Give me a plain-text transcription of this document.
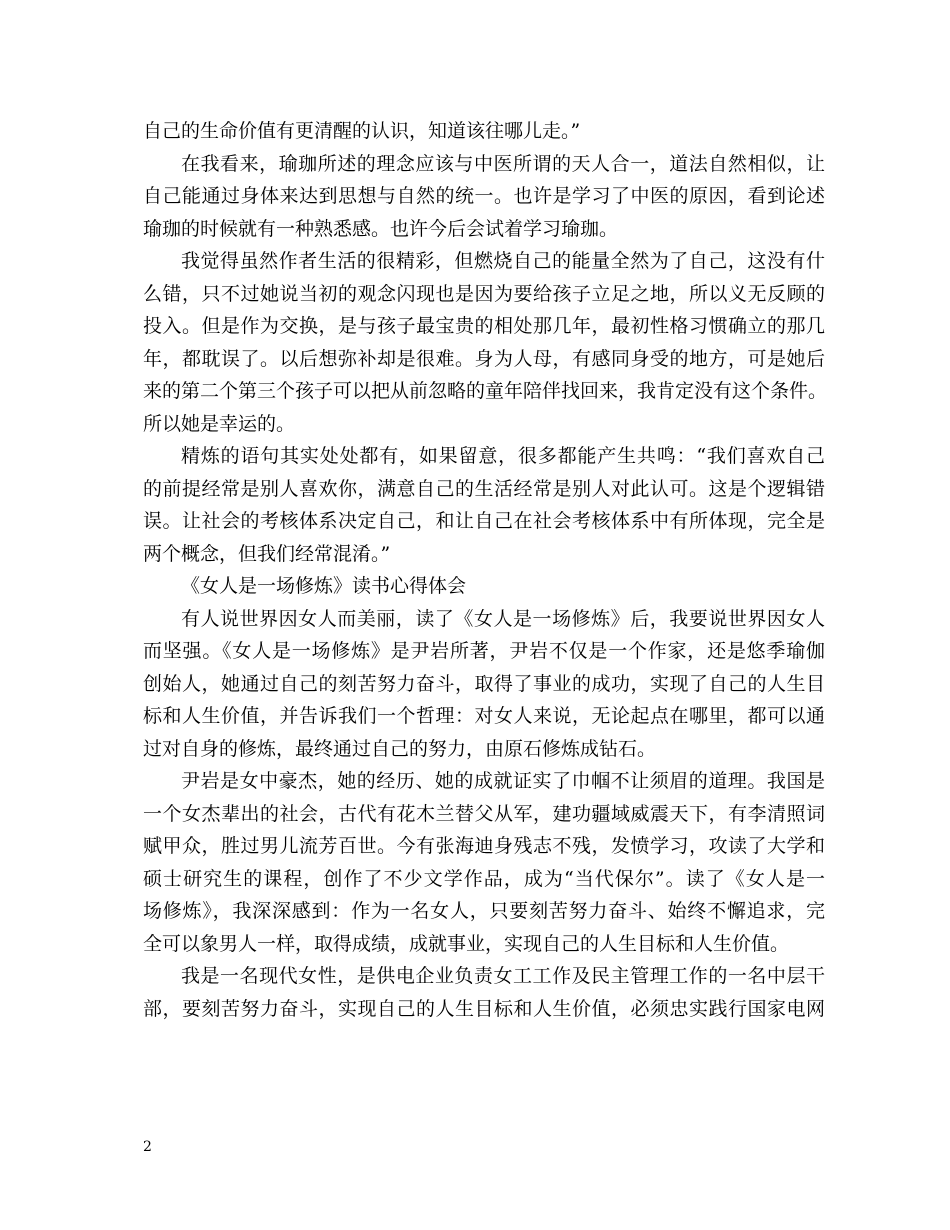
自己的生命价值有更清醒的认识，知道该往哪儿走。”
在我看来，瑜珈所述的理念应该与中医所谓的天人合一，道法自然相似，让
自己能通过身体来达到思想与自然的统一。也许是学习了中医的原因，看到论述
瑜珈的时候就有一种熟悉感。也许今后会试着学习瑜珈。
我觉得虽然作者生活的很精彩，但燃烧自己的能量全然为了自己，这没有什
么错，只不过她说当初的观念闪现也是因为要给孩子立足之地，所以义无反顾的
投入。但是作为交换，是与孩子最宝贵的相处那几年，最初性格习惯确立的那几
年，都耽误了。以后想弥补却是很难。身为人母，有感同身受的地方，可是她后
来的第二个第三个孩子可以把从前忽略的童年陪伴找回来，我肯定没有这个条件。
所以她是幸运的。
精炼的语句其实处处都有，如果留意，很多都能产生共鸣：“我们喜欢自己
的前提经常是别人喜欢你，满意自己的生活经常是别人对此认可。这是个逻辑错
误。让社会的考核体系决定自己，和让自己在社会考核体系中有所体现，完全是
两个概念，但我们经常混淆。”
《女人是一场修炼》读书心得体会
有人说世界因女人而美丽，读了《女人是一场修炼》后，我要说世界因女人
而坚强。《女人是一场修炼》是尹岩所著，尹岩不仅是一个作家，还是悠季瑜伽
创始人，她通过自己的刻苦努力奋斗，取得了事业的成功，实现了自己的人生目
标和人生价值，并告诉我们一个哲理：对女人来说，无论起点在哪里，都可以通
过对自身的修炼，最终通过自己的努力，由原石修炼成钻石。
尹岩是女中豪杰，她的经历、她的成就证实了巾帼不让须眉的道理。我国是
一个女杰辈出的社会，古代有花木兰替父从军，建功疆域威震天下，有李清照词
赋甲众，胜过男儿流芳百世。今有张海迪身残志不残，发愤学习，攻读了大学和
硕士研究生的课程，创作了不少文学作品，成为“当代保尔”。读了《女人是一
场修炼》，我深深感到：作为一名女人，只要刻苦努力奋斗、始终不懈追求，完
全可以象男人一样，取得成绩，成就事业，实现自己的人生目标和人生价值。
我是一名现代女性，是供电企业负责女工工作及民主管理工作的一名中层干
部，要刻苦努力奋斗，实现自己的人生目标和人生价值，必须忠实践行国家电网
2
